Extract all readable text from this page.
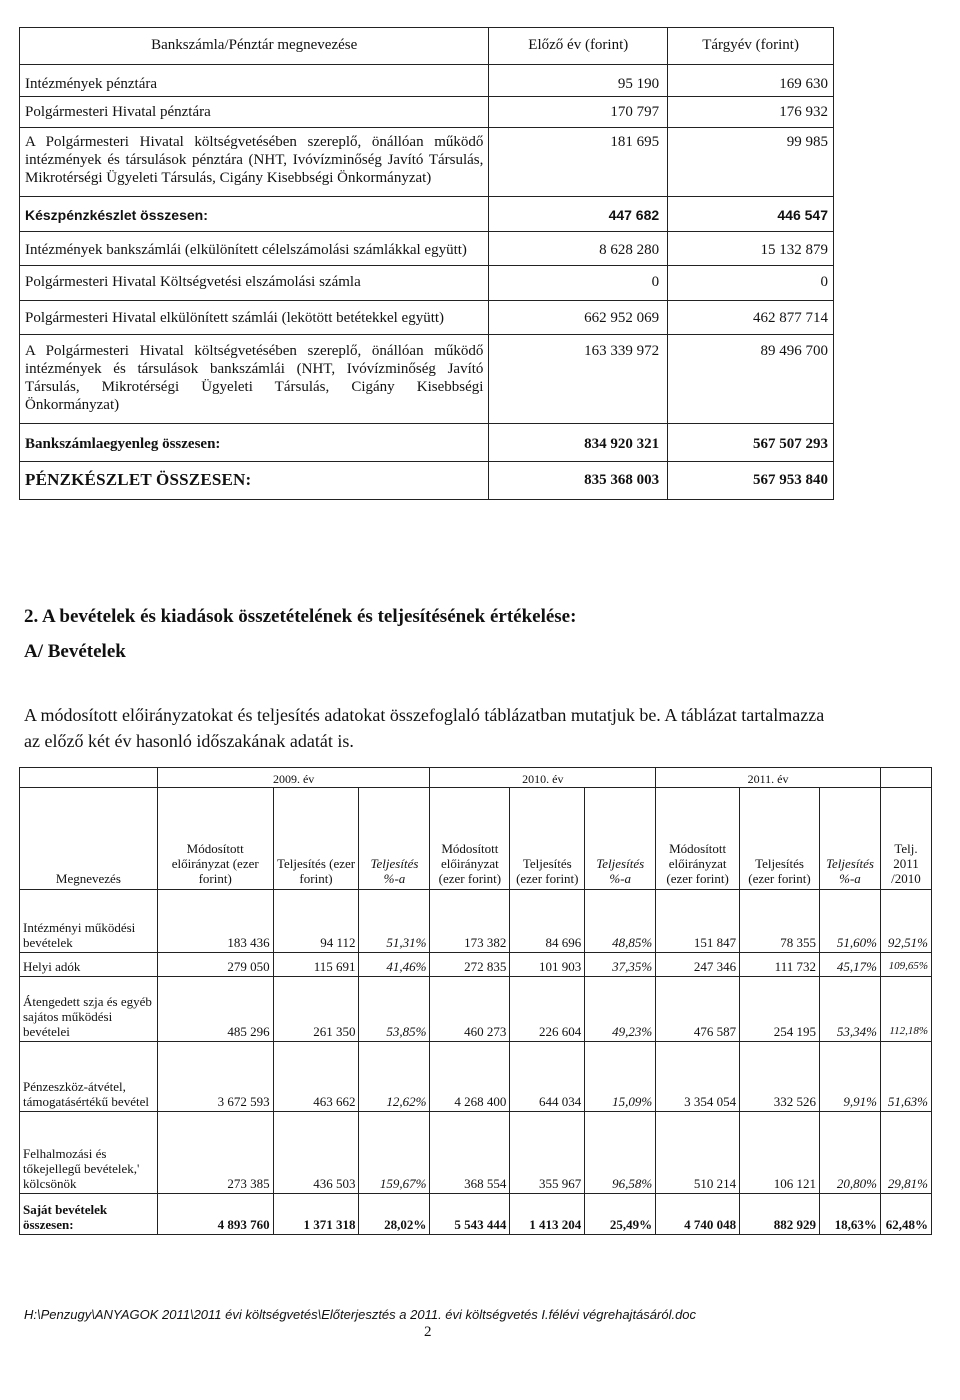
Bankszámla/Pénztár megnevezése	Előző év (forint)	Tárgyév (forint)
Intézmények pénztára	95 190	169 630
Polgármesteri Hivatal pénztára	170 797	176 932
A Polgármesteri Hivatal költségvetésében szereplő, önállóan működő intézmények és társulások pénztára (NHT, Ivóvízminőség Javító Társulás, Mikrotérségi Ügyeleti Társulás, Cigány Kisebbségi Önkormányzat)	181 695	99 985
Készpénzkészlet összesen:	447 682	446 547
Intézmények bankszámlái (elkülönített célelszámolási számlákkal együtt)	8 628 280	15 132 879
Polgármesteri Hivatal Költségvetési elszámolási számla	0	0
Polgármesteri Hivatal elkülönített számlái (lekötött betétekkel együtt)	662 952 069	462 877 714
A Polgármesteri Hivatal költségvetésében szereplő, önállóan működő intézmények és társulások bankszámlái (NHT, Ivóvízminőség Javító Társulás, Mikrotérségi Ügyeleti Társulás, Cigány Kisebbségi Önkormányzat)	163 339 972	89 496 700
Bankszámlaegyenleg összesen:	834 920 321	567 507 293
PÉNZKÉSZLET ÖSSZESEN:	835 368 003	567 953 840
2. A bevételek és kiadások összetételének és teljesítésének értékelése:
A/ Bevételek

A módosított előirányzatokat és teljesítés adatokat összefoglaló táblázatban mutatjuk be. A táblázat tartalmazza az előző két év hasonló időszakának adatát is.

	2009. év			2010. év			2011. év			
Megnevezés	Módosított előirányzat (ezer forint)	Teljesítés (ezer forint)	Teljesítés %-a	Módosított előirányzat (ezer forint)	Teljesítés (ezer forint)	Teljesítés %-a	Módosított előirányzat (ezer forint)	Teljesítés (ezer forint)	Teljesítés %-a	Telj. 2011 /2010
Intézményi működési bevételek	183 436	94 112	51,31%	173 382	84 696	48,85%	151 847	78 355	51,60%	92,51%
Helyi adók	279 050	115 691	41,46%	272 835	101 903	37,35%	247 346	111 732	45,17%	109,65%
Átengedett szja és egyéb sajátos működési bevételei	485 296	261 350	53,85%	460 273	226 604	49,23%	476 587	254 195	53,34%	112,18%
Pénzeszköz-átvétel, támogatásértékű bevétel	3 672 593	463 662	12,62%	4 268 400	644 034	15,09%	3 354 054	332 526	9,91%	51,63%
Felhalmozási és tőkejellegű bevételek,' kölcsönök	273 385	436 503	159,67%	368 554	355 967	96,58%	510 214	106 121	20,80%	29,81%
Saját bevételek összesen:	4 893 760	1 371 318	28,02%	5 543 444	1 413 204	25,49%	4 740 048	882 929	18,63%	62,48%
H:\Penzugy\ANYAGOK 2011\2011 évi költségvetés\Előterjesztés a 2011. évi költségvetés I.félévi végrehajtásáról.doc
2
